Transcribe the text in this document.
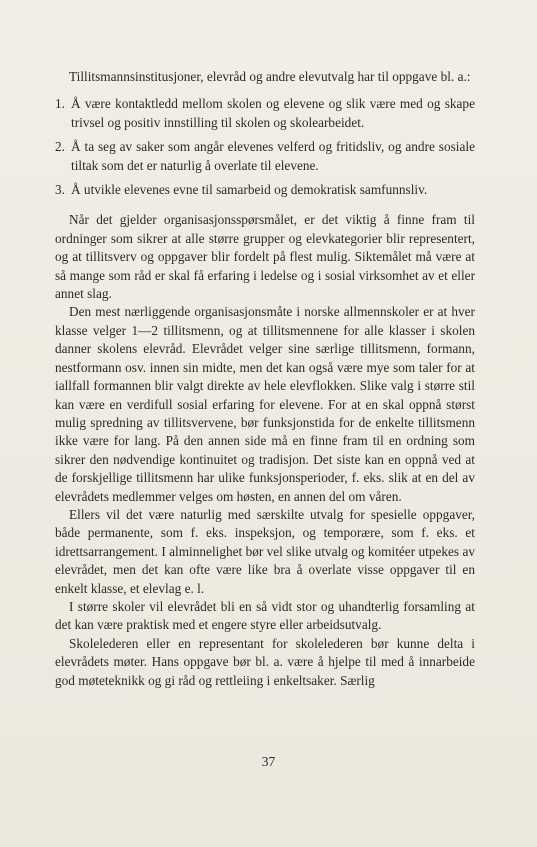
Tillitsmannsinstitusjoner, elevråd og andre elevutvalg har til oppgave bl. a.:

1. Å være kontaktledd mellom skolen og elevene og slik være med og skape trivsel og positiv innstilling til skolen og skolearbeidet.
2. Å ta seg av saker som angår elevenes velferd og fritidsliv, og andre sosiale tiltak som det er naturlig å overlate til elevene.
3. Å utvikle elevenes evne til samarbeid og demokratisk samfunnsliv.

Når det gjelder organisasjonsspørsmålet, er det viktig å finne fram til ordninger som sikrer at alle større grupper og elevkategorier blir representert, og at tillitsverv og oppgaver blir fordelt på flest mulig. Siktemålet må være at så mange som råd er skal få erfaring i ledelse og i sosial virksomhet av et eller annet slag.

Den mest nærliggende organisasjonsmåte i norske allmennskoler er at hver klasse velger 1—2 tillitsmenn, og at tillitsmennene for alle klasser i skolen danner skolens elevråd. Elevrådet velger sine særlige tillitsmenn, formann, nestformann osv. innen sin midte, men det kan også være mye som taler for at iallfall formannen blir valgt direkte av hele elevflokken. Slike valg i større stil kan være en verdifull sosial erfaring for elevene. For at en skal oppnå størst mulig spredning av tillitsvervene, bør funksjonstida for de enkelte tillitsmenn ikke være for lang. På den annen side må en finne fram til en ordning som sikrer den nødvendige kontinuitet og tradisjon. Det siste kan en oppnå ved at de forskjellige tillitsmenn har ulike funksjonsperioder, f. eks. slik at en del av elevrådets medlemmer velges om høsten, en annen del om våren.

Ellers vil det være naturlig med særskilte utvalg for spesielle oppgaver, både permanente, som f. eks. inspeksjon, og temporære, som f. eks. et idrettsarrangement. I alminnelighet bør vel slike utvalg og komitéer utpekes av elevrådet, men det kan ofte være like bra å overlate visse oppgaver til en enkelt klasse, et elevlag e. l.

I større skoler vil elevrådet bli en så vidt stor og uhandterlig forsamling at det kan være praktisk med et engere styre eller arbeidsutvalg.

Skolelederen eller en representant for skolelederen bør kunne delta i elevrådets møter. Hans oppgave bør bl. a. være å hjelpe til med å innarbeide god møteteknikk og gi råd og rettleiing i enkeltsaker. Særlig

37
